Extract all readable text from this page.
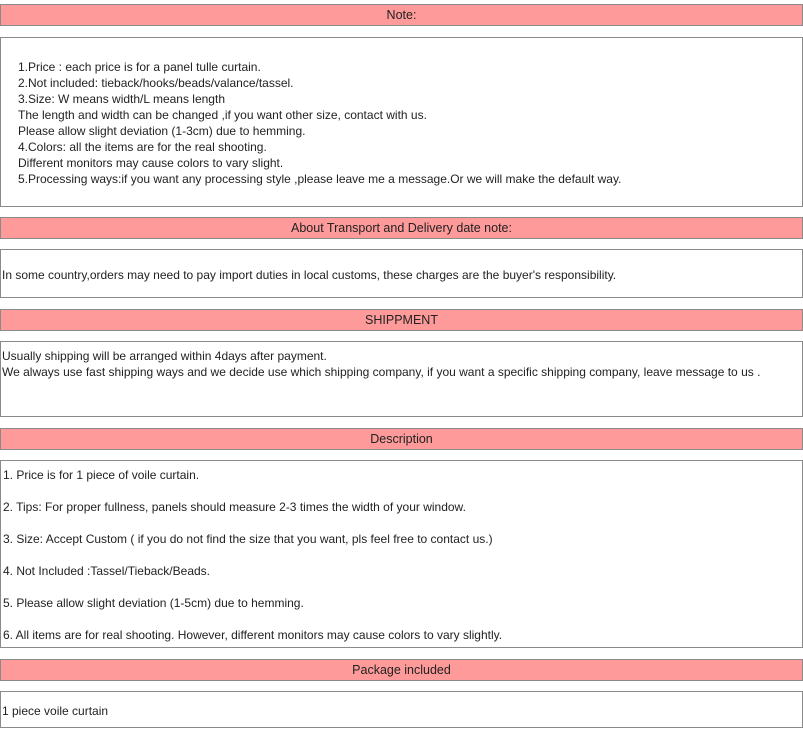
Note:
1.Price : each price is for a panel tulle curtain.
2.Not included: tieback/hooks/beads/valance/tassel.
3.Size: W means width/L means length
The length and width can be changed ,if you want other size, contact with us.
Please allow slight deviation (1-3cm) due to hemming.
4.Colors: all the items are for the real shooting.
Different monitors may cause colors to vary slight.
5.Processing ways:if you want any processing style ,please leave me a message.Or we will make the default way.
About Transport and Delivery date note:
In some country,orders may need to pay import duties in local customs, these charges are the buyer's responsibility.
SHIPPMENT
Usually shipping will be arranged within 4days after payment.
We always use fast shipping ways and we decide use which shipping company, if you want a specific shipping company, leave message to us .
Description
1. Price is for 1 piece of voile curtain.
2. Tips: For proper fullness, panels should measure 2-3 times the width of your window.
3. Size: Accept Custom ( if you do not find the size that you want, pls feel free to contact us.)
4. Not Included :Tassel/Tieback/Beads.
5. Please allow slight deviation (1-5cm) due to hemming.
6. All items are for real shooting. However, different monitors may cause colors to vary slightly.
Package included
1 piece voile curtain
